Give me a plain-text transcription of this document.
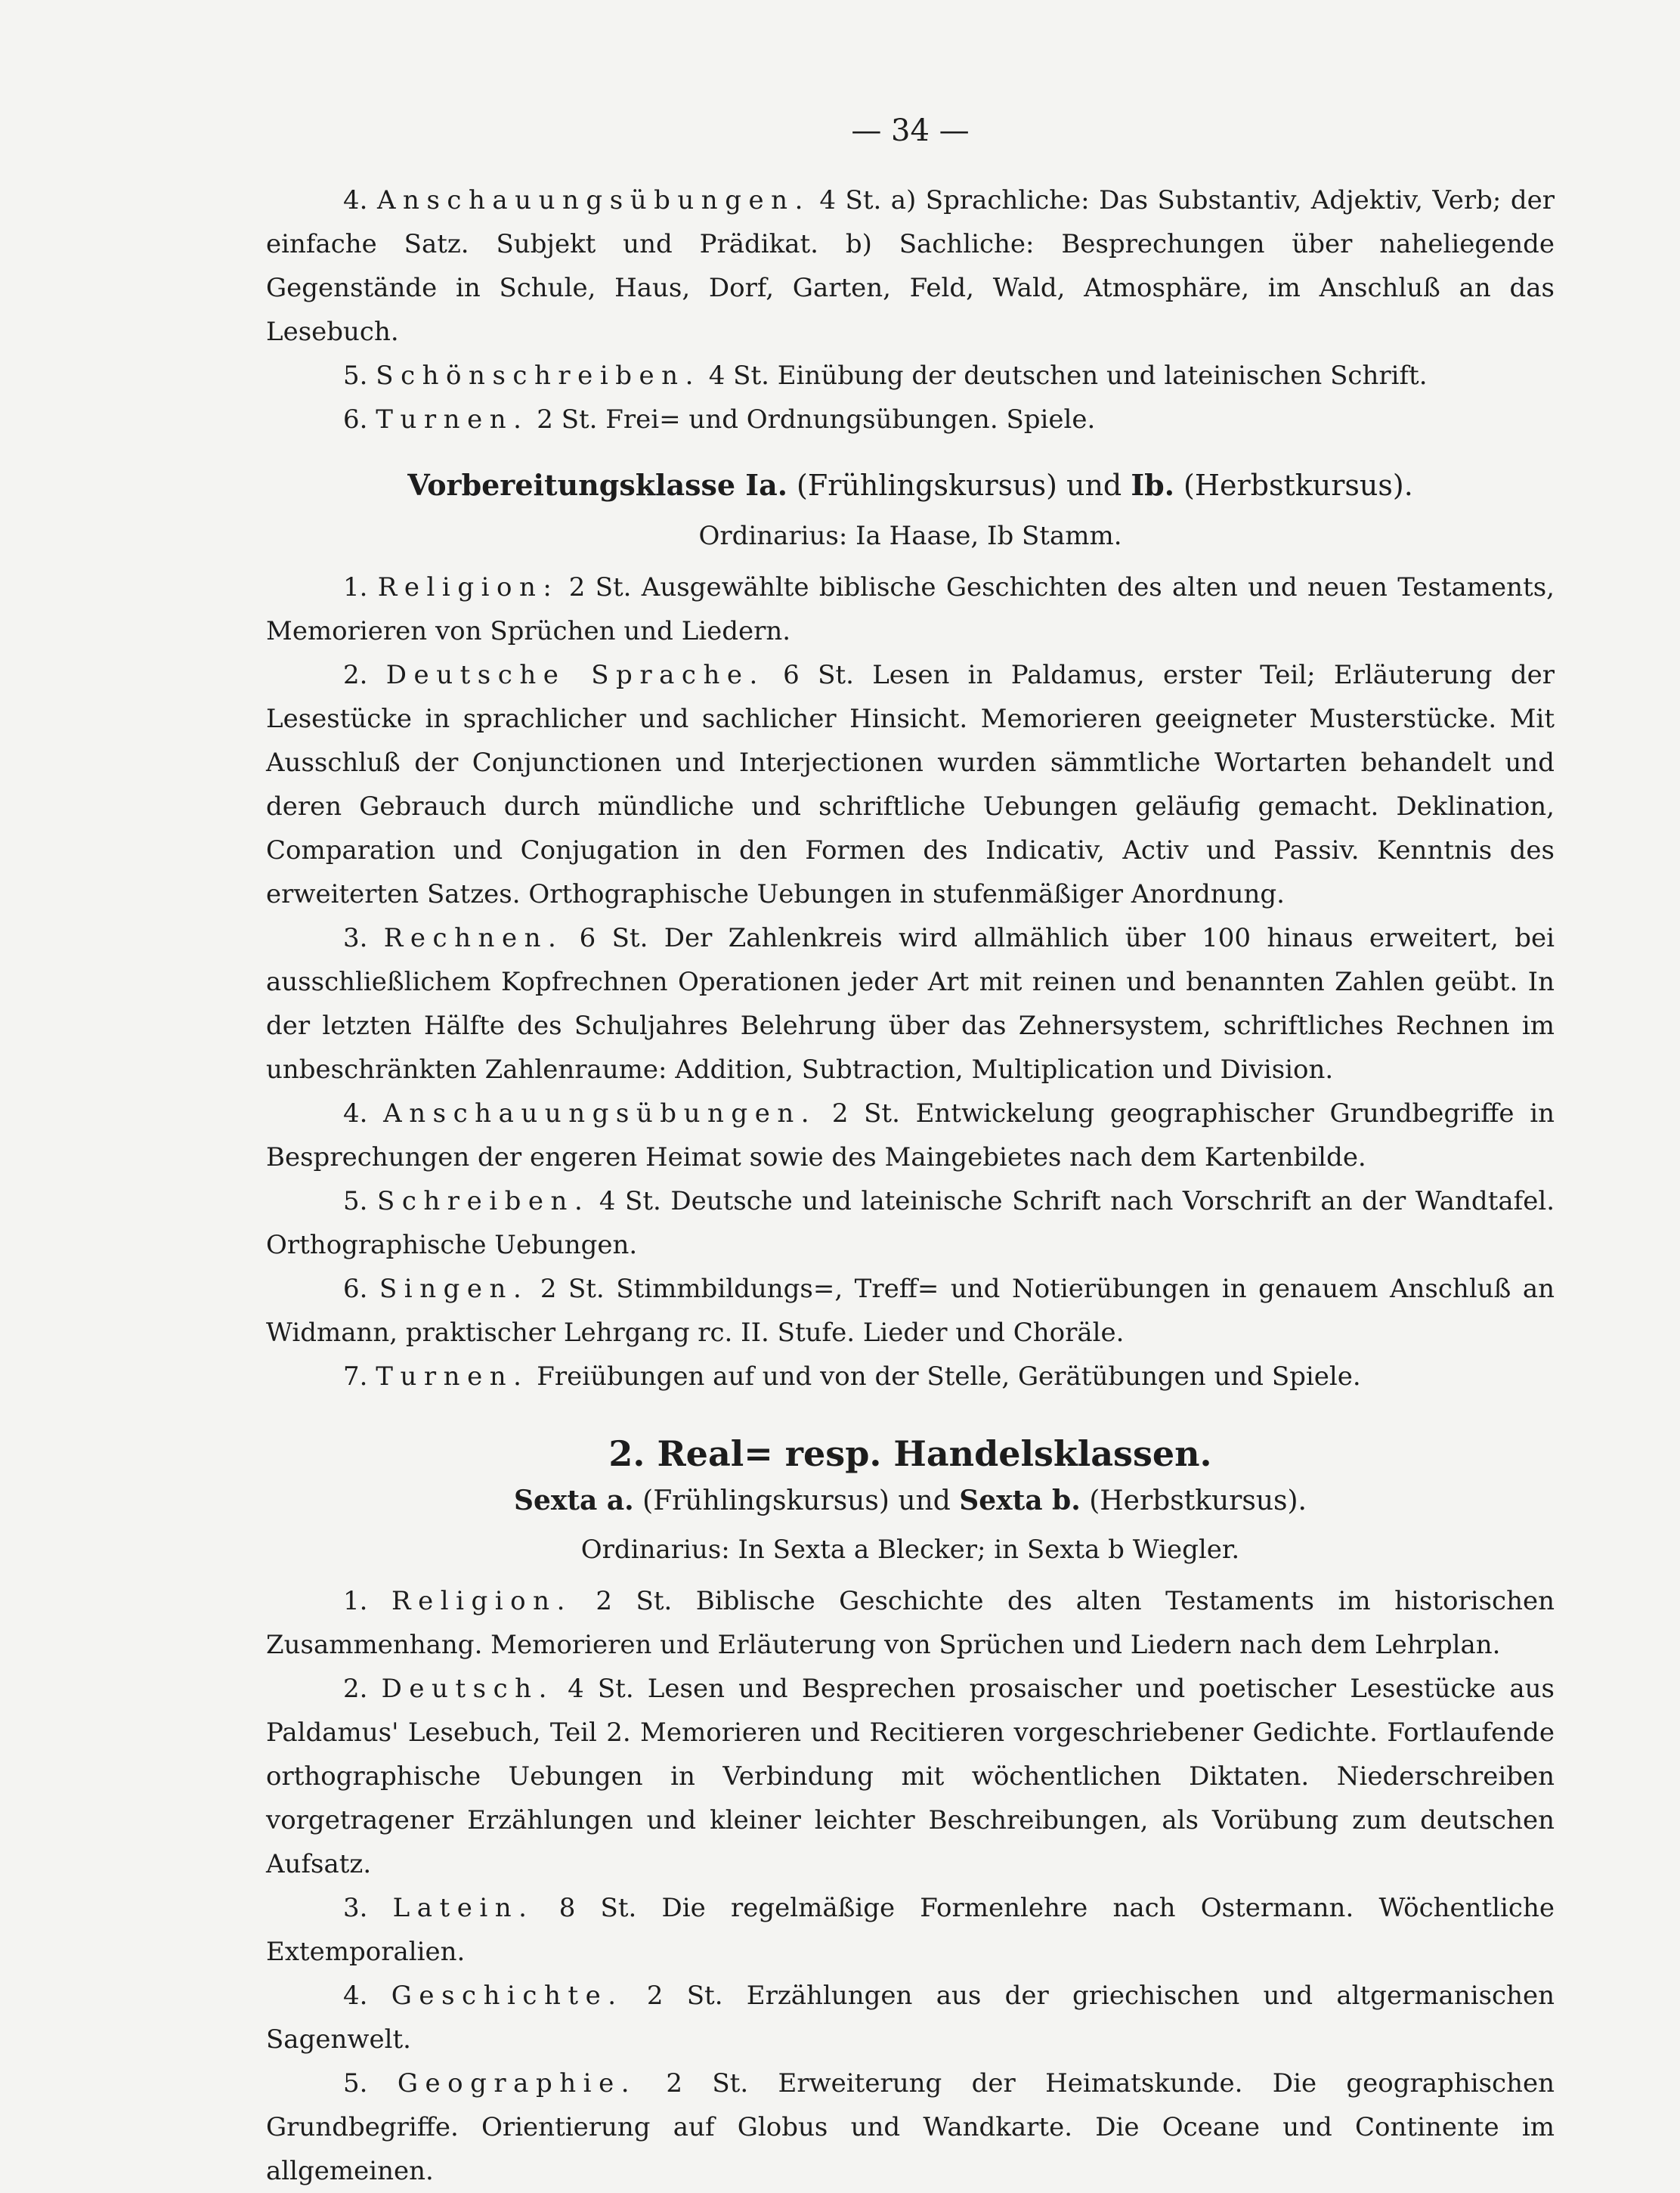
— 34 —

4. Anschauungsübungen. 4 St. a) Sprachliche: Das Substantiv, Adjektiv, Verb; der einfache Satz. Subjekt und Prädikat. b) Sachliche: Besprechungen über naheliegende Gegenstände in Schule, Haus, Dorf, Garten, Feld, Wald, Atmosphäre, im Anschluß an das Lesebuch.

5. Schönschreiben. 4 St. Einübung der deutschen und lateinischen Schrift.

6. Turnen. 2 St. Frei= und Ordnungsübungen. Spiele.

Vorbereitungsklasse Ia. (Frühlingskursus) und Ib. (Herbstkursus).
Ordinarius: Ia Haase, Ib Stamm.

1. Religion: 2 St. Ausgewählte biblische Geschichten des alten und neuen Testaments, Memorieren von Sprüchen und Liedern.

2. Deutsche Sprache. 6 St. Lesen in Paldamus, erster Teil; Erläuterung der Lesestücke in sprachlicher und sachlicher Hinsicht. Memorieren geeigneter Musterstücke. Mit Ausschluß der Conjunctionen und Interjectionen wurden sämmtliche Wortarten behandelt und deren Gebrauch durch mündliche und schriftliche Uebungen geläufig gemacht. Deklination, Comparation und Conjugation in den Formen des Indicativ, Activ und Passiv. Kenntnis des erweiterten Satzes. Orthographische Uebungen in stufenmäßiger Anordnung.

3. Rechnen. 6 St. Der Zahlenkreis wird allmählich über 100 hinaus erweitert, bei ausschließlichem Kopfrechnen Operationen jeder Art mit reinen und benannten Zahlen geübt. In der letzten Hälfte des Schuljahres Belehrung über das Zehnersystem, schriftliches Rechnen im unbeschränkten Zahlenraume: Addition, Subtraction, Multiplication und Division.

4. Anschauungsübungen. 2 St. Entwickelung geographischer Grundbegriffe in Besprechungen der engeren Heimat sowie des Maingebietes nach dem Kartenbilde.

5. Schreiben. 4 St. Deutsche und lateinische Schrift nach Vorschrift an der Wandtafel. Orthographische Uebungen.

6. Singen. 2 St. Stimmbildungs=, Treff= und Notierübungen in genauem Anschluß an Widmann, praktischer Lehrgang rc. II. Stufe. Lieder und Choräle.

7. Turnen. Freiübungen auf und von der Stelle, Gerätübungen und Spiele.

2. Real= resp. Handelsklassen.
Sexta a. (Frühlingskursus) und Sexta b. (Herbstkursus).
Ordinarius: In Sexta a Blecker; in Sexta b Wiegler.

1. Religion. 2 St. Biblische Geschichte des alten Testaments im historischen Zusammenhang. Memorieren und Erläuterung von Sprüchen und Liedern nach dem Lehrplan.

2. Deutsch. 4 St. Lesen und Besprechen prosaischer und poetischer Lesestücke aus Paldamus' Lesebuch, Teil 2. Memorieren und Recitieren vorgeschriebener Gedichte. Fortlaufende orthographische Uebungen in Verbindung mit wöchentlichen Diktaten. Niederschreiben vorgetragener Erzählungen und kleiner leichter Beschreibungen, als Vorübung zum deutschen Aufsatz.

3. Latein. 8 St. Die regelmäßige Formenlehre nach Ostermann. Wöchentliche Extemporalien.

4. Geschichte. 2 St. Erzählungen aus der griechischen und altgermanischen Sagenwelt.

5. Geographie. 2 St. Erweiterung der Heimatskunde. Die geographischen Grundbegriffe. Orientierung auf Globus und Wandkarte. Die Oceane und Continente im allgemeinen.
